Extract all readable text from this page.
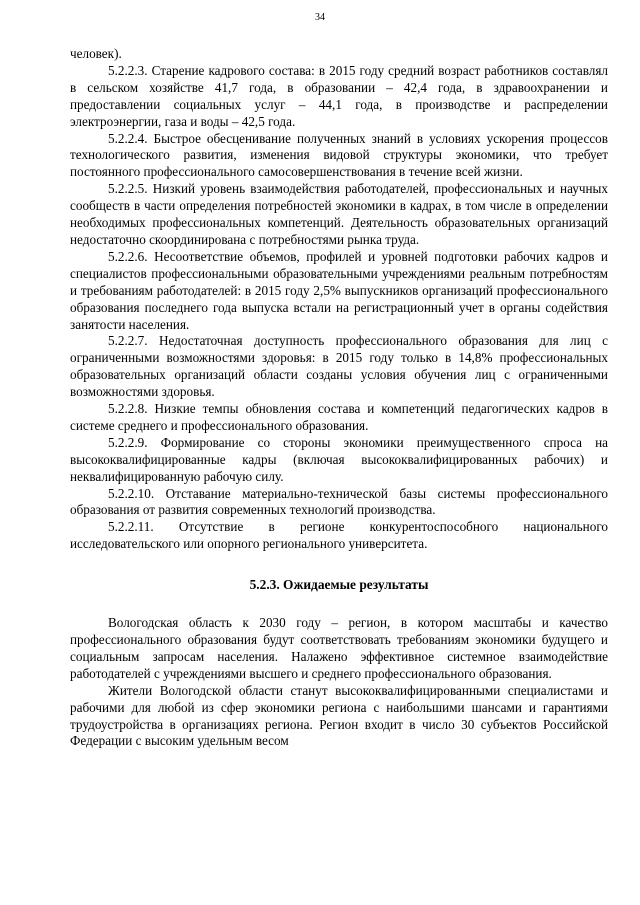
34

человек).

5.2.2.3. Старение кадрового состава: в 2015 году средний возраст работников составлял в сельском хозяйстве 41,7 года, в образовании – 42,4 года, в здравоохранении и предоставлении социальных услуг – 44,1 года, в производстве и распределении электроэнергии, газа и воды – 42,5 года.

5.2.2.4. Быстрое обесценивание полученных знаний в условиях ускорения процессов технологического развития, изменения видовой структуры экономики, что требует постоянного профессионального самосовершенствования в течение всей жизни.

5.2.2.5. Низкий уровень взаимодействия работодателей, профессиональных и научных сообществ в части определения потребностей экономики в кадрах, в том числе в определении необходимых профессиональных компетенций. Деятельность образовательных организаций недостаточно скоординирована с потребностями рынка труда.

5.2.2.6. Несоответствие объемов, профилей и уровней подготовки рабочих кадров и специалистов профессиональными образовательными учреждениями реальным потребностям и требованиям работодателей: в 2015 году 2,5% выпускников организаций профессионального образования последнего года выпуска встали на регистрационный учет в органы содействия занятости населения.

5.2.2.7. Недостаточная доступность профессионального образования для лиц с ограниченными возможностями здоровья: в 2015 году только в 14,8% профессиональных образовательных организаций области созданы условия обучения лиц с ограниченными возможностями здоровья.

5.2.2.8. Низкие темпы обновления состава и компетенций педагогических кадров в системе среднего и профессионального образования.

5.2.2.9. Формирование со стороны экономики преимущественного спроса на высококвалифицированные кадры (включая высококвалифицированных рабочих) и неквалифицированную рабочую силу.

5.2.2.10. Отставание материально-технической базы системы профессионального образования от развития современных технологий производства.

5.2.2.11. Отсутствие в регионе конкурентоспособного национального исследовательского или опорного регионального университета.

5.2.3. Ожидаемые результаты

Вологодская область к 2030 году – регион, в котором масштабы и качество профессионального образования будут соответствовать требованиям экономики будущего и социальным запросам населения. Налажено эффективное системное взаимодействие работодателей с учреждениями высшего и среднего профессионального образования.

Жители Вологодской области станут высококвалифицированными специалистами и рабочими для любой из сфер экономики региона с наибольшими шансами и гарантиями трудоустройства в организациях региона. Регион входит в число 30 субъектов Российской Федерации с высоким удельным весом
